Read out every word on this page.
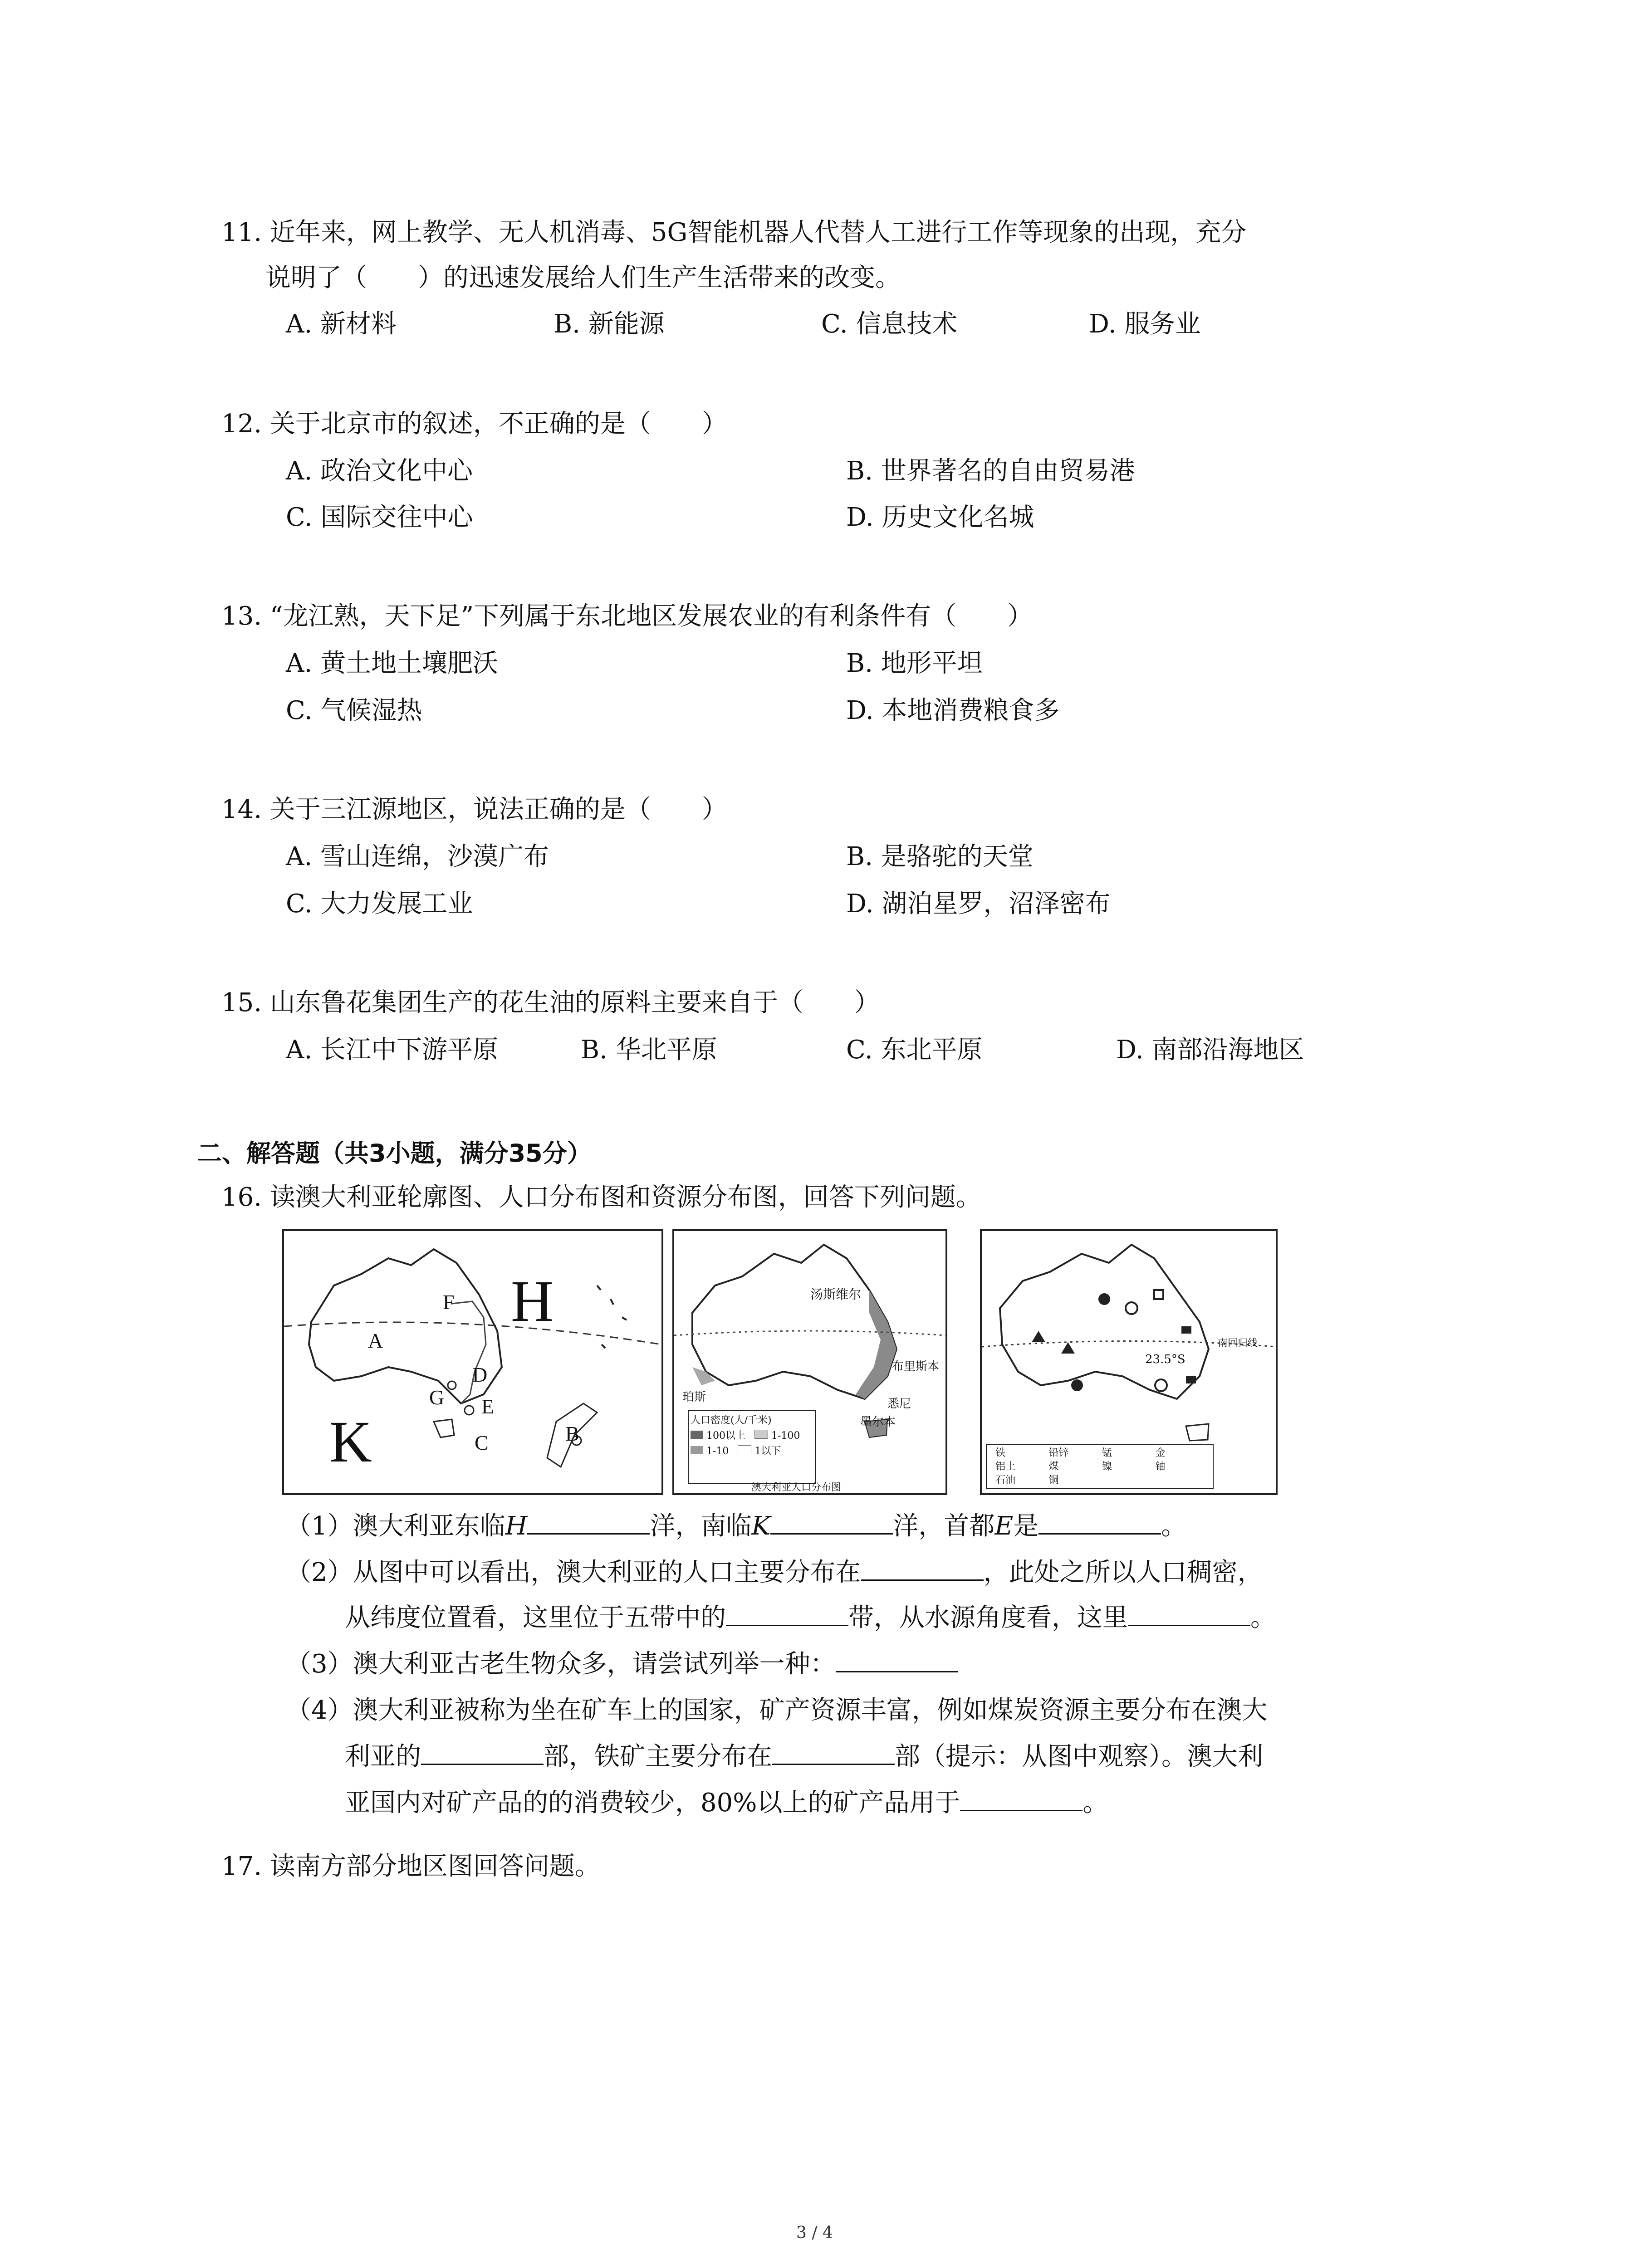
11. 近年来，网上教学、无人机消毒、5G智能机器人代替人工进行工作等现象的出现，充分
说明了（　　）的迅速发展给人们生产生活带来的改变。
A. 新材料	B. 新能源	C. 信息技术	D. 服务业
12. 关于北京市的叙述，不正确的是（　　）
A. 政治文化中心	B. 世界著名的自由贸易港
C. 国际交往中心	D. 历史文化名城
13. “龙江熟，天下足”下列属于东北地区发展农业的有利条件有（　　）
A. 黄土地土壤肥沃	B. 地形平坦
C. 气候湿热	D. 本地消费粮食多
14. 关于三江源地区，说法正确的是（　　）
A. 雪山连绵，沙漠广布	B. 是骆驼的天堂
C. 大力发展工业	D. 湖泊星罗，沼泽密布
15. 山东鲁花集团生产的花生油的原料主要来自于（　　）
A. 长江中下游平原	B. 华北平原	C. 东北平原	D. 南部沿海地区
二、解答题（共3小题，满分35分）
16. 读澳大利亚轮廓图、人口分布图和资源分布图，回答下列问题。
H
K
A
B
C
D
E
F
G
汤斯维尔
布里斯本
悉尼
墨尔本
珀斯
人口密度(人/千米)
100以上	1-100
1-10	1以下
澳大利亚人口分布图
23.5°S
南回归线
铁	铅锌	锰	金
铝土	煤	镍	铀
石油	铜
（1）澳大利亚东临H	洋，南临K	洋，首都E是	。
（2）从图中可以看出，澳大利亚的人口主要分布在	，此处之所以人口稠密，
从纬度位置看，这里位于五带中的	带，从水源角度看，这里	。
（3）澳大利亚古老生物众多，请尝试列举一种：
（4）澳大利亚被称为坐在矿车上的国家，矿产资源丰富，例如煤炭资源主要分布在澳大
利亚的	部，铁矿主要分布在	部（提示：从图中观察）。澳大利
亚国内对矿产品的的消费较少，80%以上的矿产品用于	。
17. 读南方部分地区图回答问题。
3 / 4
